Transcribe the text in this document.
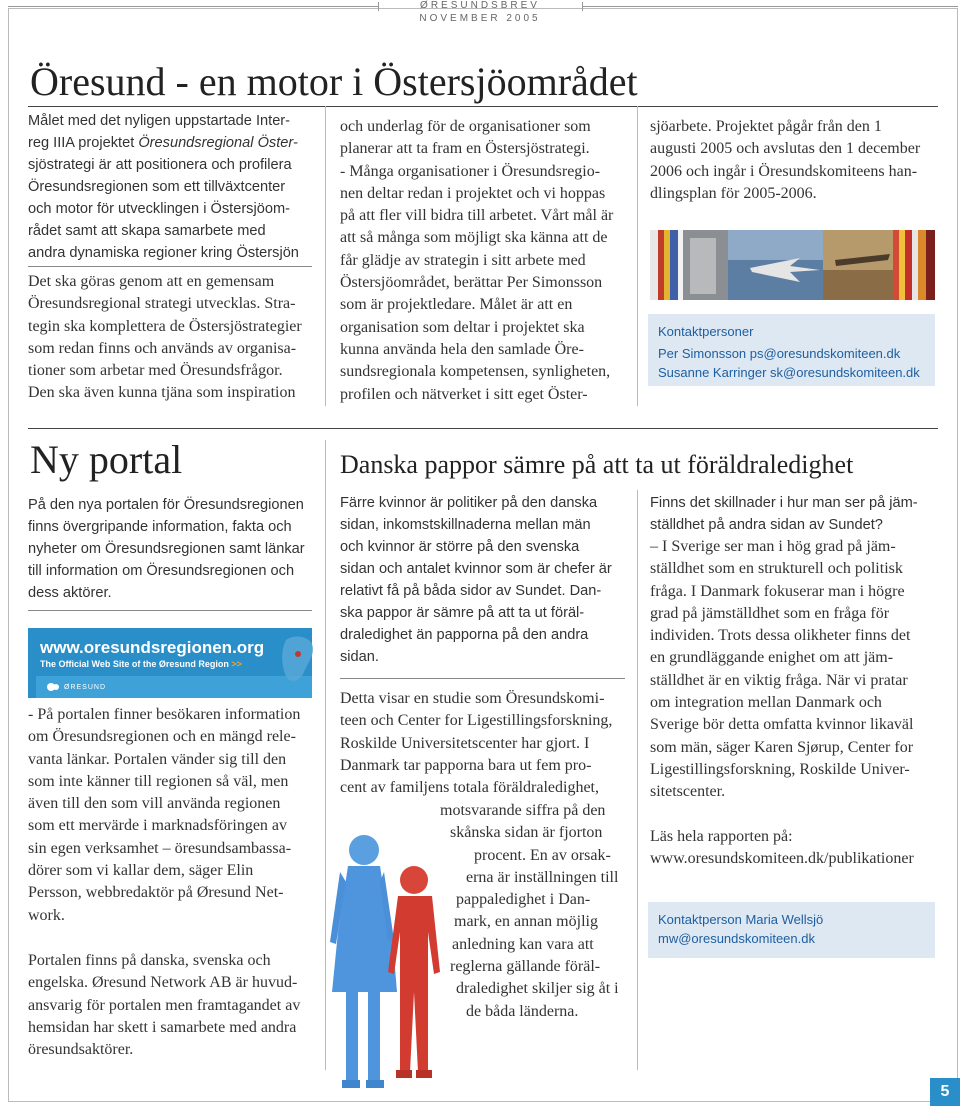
ØRESUNDSBREV
NOVEMBER 2005
Öresund - en motor i Östersjöområdet

Målet med det nyligen uppstartade Inter-

reg IIIA projektet Öresundsregional Öster-

sjöstrategi är att positionera och profilera

Öresundsregionen som ett tillväxtcenter

och motor för utvecklingen i Östersjöom-

rådet samt att skapa samarbete med

andra dynamiska regioner kring Östersjön

Det ska göras genom att en gemensam

Öresundsregional strategi utvecklas. Stra-

tegin ska komplettera de Östersjöstrategier

som redan finns och används av organisa-

tioner som arbetar med Öresundsfrågor.

Den ska även kunna tjäna som inspiration

och underlag för de organisationer som

planerar att ta fram en Östersjöstrategi.

- Många organisationer i Öresundsregio-

nen deltar redan i projektet och vi hoppas

på att fler vill bidra till arbetet. Vårt mål är

att så många som möjligt ska känna att de

får glädje av strategin i sitt arbete med

Östersjöområdet, berättar Per Simonsson

som är projektledare. Målet är att en

organisation som deltar i projektet ska

kunna använda hela den samlade Öre-

sundsregionala kompetensen, synligheten,

profilen och nätverket i sitt eget Öster-

sjöarbete. Projektet pågår från den 1

augusti 2005 och avslutas den 1 december

2006 och ingår i Öresundskomiteens han-

dlingsplan för 2005-2006.

Kontaktpersoner
Per Simonsson ps@oresundskomiteen.dk
Susanne Karringer sk@oresundskomiteen.dk
Ny portal

På den nya portalen för Öresundsregionen

finns övergripande information, fakta och

nyheter om Öresundsregionen samt länkar

till information om Öresundsregionen och

dess aktörer.

www.oresundsregionen.org
The Official Web Site of the Øresund Region >>
ØRESUND

- På portalen finner besökaren information

om Öresundsregionen och en mängd rele-

vanta länkar. Portalen vänder sig till den

som inte känner till regionen så väl, men

även till den som vill använda regionen

som ett mervärde i marknadsföringen av

sin egen verksamhet – öresundsambassa-

dörer som vi kallar dem, säger Elin

Persson, webbredaktör på Øresund Net-

work.

Portalen finns på danska, svenska och

engelska. Øresund Network AB är huvud-

ansvarig för portalen men framtagandet av

hemsidan har skett i samarbete med andra

öresundsaktörer.

Danska pappor sämre på att ta ut föräldraledighet

Färre kvinnor är politiker på den danska

sidan, inkomstskillnaderna mellan män

och kvinnor är större på den svenska

sidan och antalet kvinnor som är chefer är

relativt få på båda sidor av Sundet. Dan-

ska pappor är sämre på att ta ut föräl-

draledighet än papporna på den andra

sidan.

Detta visar en studie som Öresundskomi-

teen och Center for Ligestillingsforskning,

Roskilde Universitetscenter har gjort. I

Danmark tar papporna bara ut fem pro-

cent av familjens totala föräldraledighet,

motsvarande siffra på den

skånska sidan är fjorton

procent. En av orsak-

erna är inställningen till

pappaledighet i Dan-

mark, en annan möjlig

anledning kan vara att

reglerna gällande föräl-

draledighet skiljer sig åt i

de båda länderna.

Finns det skillnader i hur man ser på jäm-

ställdhet på andra sidan av Sundet?

– I Sverige ser man i hög grad på jäm-

ställdhet som en strukturell och politisk

fråga. I Danmark fokuserar man i högre

grad på jämställdhet som en fråga för

individen. Trots dessa olikheter finns det

en grundläggande enighet om att jäm-

ställdhet är en viktig fråga. När vi pratar

om integration mellan Danmark och

Sverige bör detta omfatta kvinnor likaväl

som män, säger Karen Sjørup, Center for

Ligestillingsforskning, Roskilde Univer-

sitetscenter.

Läs hela rapporten på:

www.oresundskomiteen.dk/publikationer

Kontaktperson Maria Wellsjö
mw@oresundskomiteen.dk
5
